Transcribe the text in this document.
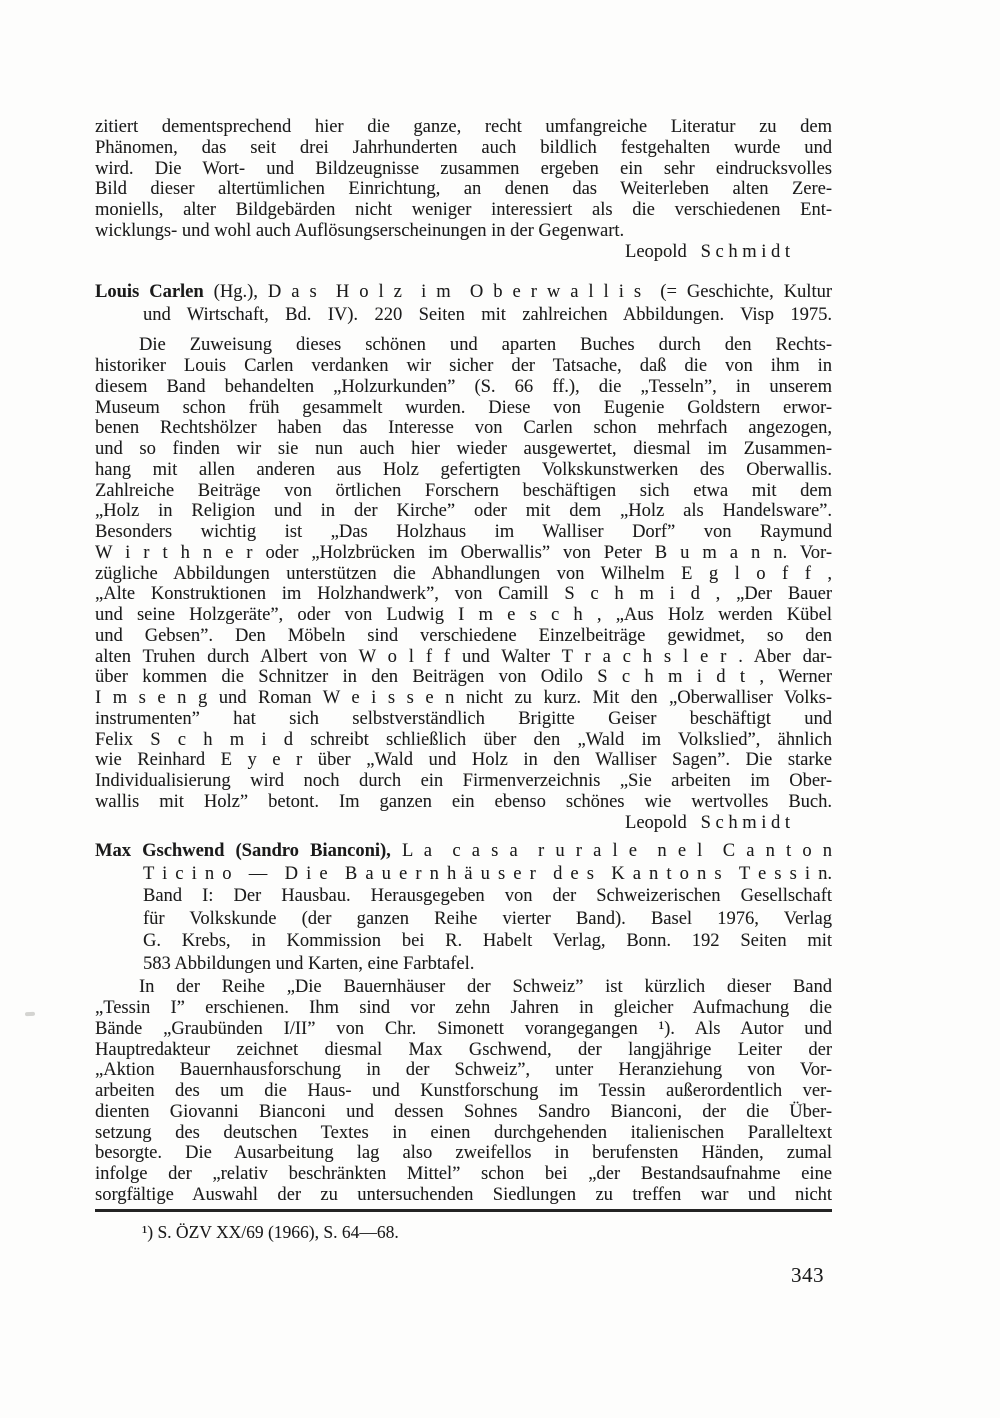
zitiert dementsprechend hier die ganze, recht umfangreiche Literatur zu dem
Phänomen, das seit drei Jahrhunderten auch bildlich festgehalten wurde und
wird. Die Wort- und Bildzeugnisse zusammen ergeben ein sehr eindrucksvolles
Bild dieser altertümlichen Einrichtung, an denen das Weiterleben alten Zere-
moniells, alter Bildgebärden nicht weniger interessiert als die verschiedenen Ent-
wicklungs- und wohl auch Auflösungserscheinungen in der Gegenwart.
Leopold  S c h m i d t
Louis Carlen (Hg.), D a s  H o l z  i m  O b e r w a l l i s  (= Geschichte, Kultur
und Wirtschaft, Bd. IV). 220 Seiten mit zahlreichen Abbildungen. Visp 1975.
Die Zuweisung dieses schönen und aparten Buches durch den Rechts-
historiker Louis Carlen verdanken wir sicher der Tatsache, daß die von ihm in
diesem Band behandelten „Holzurkunden” (S. 66 ff.), die „Tesseln”, in unserem
Museum schon früh gesammelt wurden. Diese von Eugenie Goldstern erwor-
benen Rechtshölzer haben das Interesse von Carlen schon mehrfach angezogen,
und so finden wir sie nun auch hier wieder ausgewertet, diesmal im Zusammen-
hang mit allen anderen aus Holz gefertigten Volkskunstwerken des Oberwallis.
Zahlreiche Beiträge von örtlichen Forschern beschäftigen sich etwa mit dem
„Holz in Religion und in der Kirche” oder mit dem „Holz als Handelsware”.
Besonders wichtig ist „Das Holzhaus im Walliser Dorf” von Raymund
W i r t h n e r oder „Holzbrücken im Oberwallis” von Peter B u m a n n. Vor-
zügliche Abbildungen unterstützen die Abhandlungen von Wilhelm E g l o f f ,
„Alte Konstruktionen im Holzhandwerk”, von Camill S c h m i d , „Der Bauer
und seine Holzgeräte”, oder von Ludwig I m e s c h , „Aus Holz werden Kübel
und Gebsen”. Den Möbeln sind verschiedene Einzelbeiträge gewidmet, so den
alten Truhen durch Albert von W o l f f und Walter T r a c h s l e r . Aber dar-
über kommen die Schnitzer in den Beiträgen von Odilo S c h m i d t , Werner
I m s e n g und Roman W e i s s e n nicht zu kurz. Mit den „Oberwalliser Volks-
instrumenten” hat sich selbstverständlich Brigitte Geiser beschäftigt und
Felix S c h m i d schreibt schließlich über den „Wald im Volkslied”, ähnlich
wie Reinhard E y e r über „Wald und Holz in den Walliser Sagen”. Die starke
Individualisierung wird noch durch ein Firmenverzeichnis „Sie arbeiten im Ober-
wallis mit Holz” betont. Im ganzen ein ebenso schönes wie wertvolles Buch.
Leopold  S c h m i d t
Max Gschwend (Sandro Bianconi), L a  c a s a  r u r a l e  n e l  C a n t o n
T i c i n o  —  D i e  B a u e r n h ä u s e r  d e s  K a n t o n s  T e s s i n.
Band I: Der Hausbau. Herausgegeben von der Schweizerischen Gesellschaft
für Volkskunde (der ganzen Reihe vierter Band). Basel 1976, Verlag
G. Krebs, in Kommission bei R. Habelt Verlag, Bonn. 192 Seiten mit
583 Abbildungen und Karten, eine Farbtafel.
In der Reihe „Die Bauernhäuser der Schweiz” ist kürzlich dieser Band
„Tessin I” erschienen. Ihm sind vor zehn Jahren in gleicher Aufmachung die
Bände „Graubünden I/II” von Chr. Simonett vorangegangen ¹). Als Autor und
Hauptredakteur zeichnet diesmal Max Gschwend, der langjährige Leiter der
„Aktion Bauernhausforschung in der Schweiz”, unter Heranziehung von Vor-
arbeiten des um die Haus- und Kunstforschung im Tessin außerordentlich ver-
dienten Giovanni Bianconi und dessen Sohnes Sandro Bianconi, der die Über-
setzung des deutschen Textes in einen durchgehenden italienischen Paralleltext
besorgte. Die Ausarbeitung lag also zweifellos in berufensten Händen, zumal
infolge der „relativ beschränkten Mittel” schon bei „der Bestandsaufnahme eine
sorgfältige Auswahl der zu untersuchenden Siedlungen zu treffen war und nicht
¹) S. ÖZV XX/69 (1966), S. 64—68.
343
